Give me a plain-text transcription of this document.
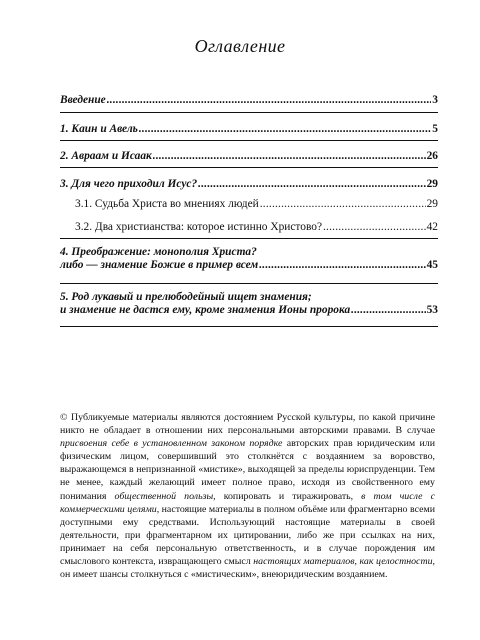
Оглавление
Введение .....	3
1. Каин и Авель .....	5
2. Авраам и Исаак .....	26
3. Для чего приходил Исус? .....	29
3.1. Судьба Христа во мнениях людей .....	29
3.2. Два христианства: которое истинно Христово? .....	42
4. Преображение: монополия Христа?
либо — знамение Божие в пример всем .....	45
5. Род лукавый и прелюбодейный ищет знамения;
и знамение не дастся ему, кроме знамения Ионы пророка .....	53

© Публикуемые материалы являются достоянием Русской культуры, по какой причине никто не обладает в отношении них персональными авторскими правами. В случае присвоения себе в установленном законом порядке авторских прав юридическим или физическим лицом, совершивший это столкнётся с воздаянием за воровство, выражающемся в непризнанной «мистике», выходящей за пределы юриспруденции. Тем не менее, каждый желающий имеет полное право, исходя из свойственного ему понимания общественной пользы, копировать и тиражировать, в том числе с коммерческими целями, настоящие материалы в полном объёме или фрагментарно всеми доступными ему средствами. Использующий настоящие материалы в своей деятельности, при фрагментарном их цитировании, либо же при ссылках на них, принимает на себя персональную ответственность, и в случае порождения им смыслового контекста, извращающего смысл настоящих материалов, как целостности, он имеет шансы столкнуться с «мистическим», внеюридическим воздаянием.
